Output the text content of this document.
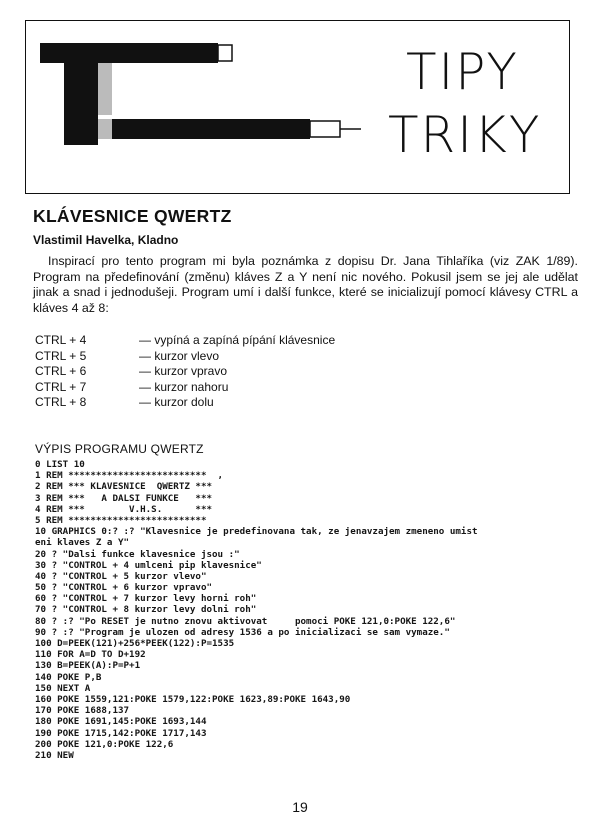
TIPY
TRIKY
KLÁVESNICE QWERTZ
Vlastimil Havelka, Kladno
Inspirací pro tento program mi byla poznámka z dopisu Dr. Jana Tihlaříka (viz ZAK 1/89). Program na předefinování (změnu) kláves Z a Y není nic nového. Pokusil jsem se jej ale udělat jinak a snad i jednodušeji. Program umí i další funkce, které se inicializují pomocí klávesy CTRL a kláves 4 až 8:
CTRL + 4	— vypíná a zapíná pípání klávesnice
CTRL + 5	— kurzor vlevo
CTRL + 6	— kurzor vpravo
CTRL + 7	— kurzor nahoru
CTRL + 8	— kurzor dolu
VÝPIS PROGRAMU QWERTZ
0 LIST 10
1 REM *************************  ,
2 REM *** KLAVESNICE  QWERTZ ***
3 REM ***   A DALSI FUNKCE   ***
4 REM ***        V.H.S.      ***
5 REM *************************
10 GRAPHICS 0:? :? "Klavesnice je predefinovana tak, ze jenavzajem zmeneno umist
eni klaves Z a Y"
20 ? "Dalsi funkce klavesnice jsou :"
30 ? "CONTROL + 4 umlceni pip klavesnice"
40 ? "CONTROL + 5 kurzor vlevo"
50 ? "CONTROL + 6 kurzor vpravo"
60 ? "CONTROL + 7 kurzor levy horni roh"
70 ? "CONTROL + 8 kurzor levy dolni roh"
80 ? :? "Po RESET je nutno znovu aktivovat     pomoci POKE 121,0:POKE 122,6"
90 ? :? "Program je ulozen od adresy 1536 a po inicializaci se sam vymaze."
100 D=PEEK(121)+256*PEEK(122):P=1535
110 FOR A=D TO D+192
130 B=PEEK(A):P=P+1
140 POKE P,B
150 NEXT A
160 POKE 1559,121:POKE 1579,122:POKE 1623,89:POKE 1643,90
170 POKE 1688,137
180 POKE 1691,145:POKE 1693,144
190 POKE 1715,142:POKE 1717,143
200 POKE 121,0:POKE 122,6
210 NEW
19
